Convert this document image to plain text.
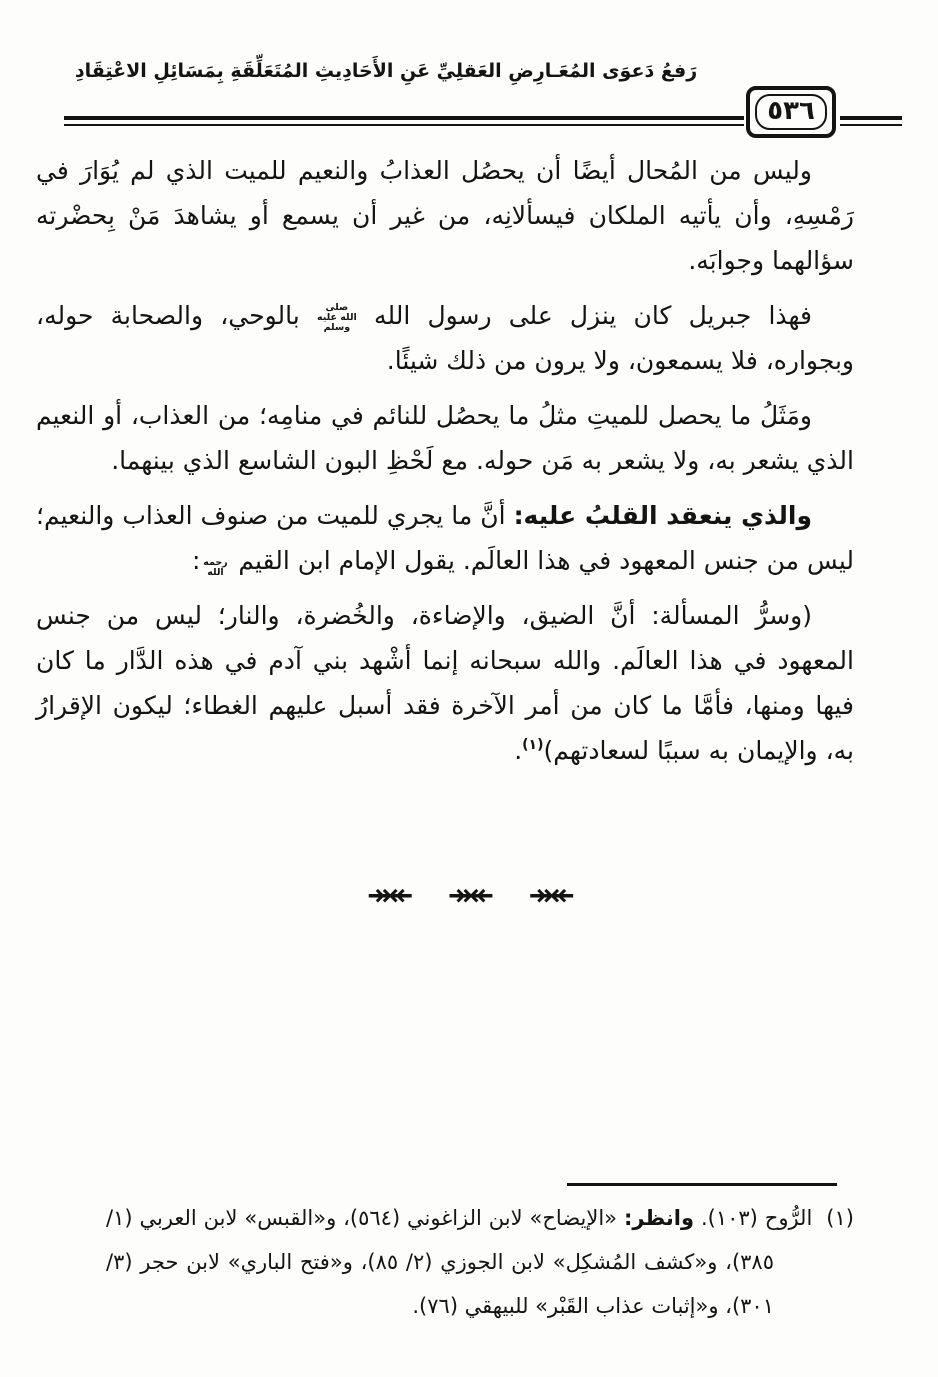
رَفعُ دَعوَى المُعَـارِضِ العَقلِيِّ عَنِ الأَحَادِيثِ المُتَعَلِّقَةِ بِمَسَائِلِ الاعْتِقَادِ
٥٣٦

وليس من المُحال أيضًا أن يحصُل العذابُ والنعيم للميت الذي لم يُوَارَ في رَمْسِهِ، وأن يأتيه الملكان فيسألانِه، من غير أن يسمع أو يشاهدَ مَنْ بِحضْرته سؤالهما وجوابَه.

فهذا جبريل كان ينزل على رسول الله صلى الله عليه وسلم بالوحي، والصحابة حوله، وبجواره، فلا يسمعون، ولا يرون من ذلك شيئًا.

ومَثَلُ ما يحصل للميتِ مثلُ ما يحصُل للنائم في منامِه؛ من العذاب، أو النعيم الذي يشعر به، ولا يشعر به مَن حوله. مع لَحْظِ البون الشاسع الذي بينهما.

والذي ينعقد القلبُ عليه: أنَّ ما يجري للميت من صنوف العذاب والنعيم؛ ليس من جنس المعهود في هذا العالَم. يقول الإمام ابن القيم رحمه الله:

(وسرُّ المسألة: أنَّ الضيق، والإضاءة، والخُضرة، والنار؛ ليس من جنس المعهود في هذا العالَم. والله سبحانه إنما أشْهد بني آدم في هذه الدَّار ما كان فيها ومنها، فأمَّا ما كان من أمر الآخرة فقد أسبل عليهم الغطاء؛ ليكون الإقرارُ به، والإيمان به سببًا لسعادتهم)$^{(١)}$.

↠↞ ↠↞ ↠↞
(١)الرُّوح (١٠٣). وانظر: «الإيضاح» لابن الزاغوني (٥٦٤)، و«القبس» لابن العربي (١/ ٣٨٥)، و«كشف المُشكِل» لابن الجوزي (٢/ ٨٥)، و«فتح الباري» لابن حجر (٣/ ٣٠١)، و«إثبات عذاب القَبْر» للبيهقي (٧٦).
